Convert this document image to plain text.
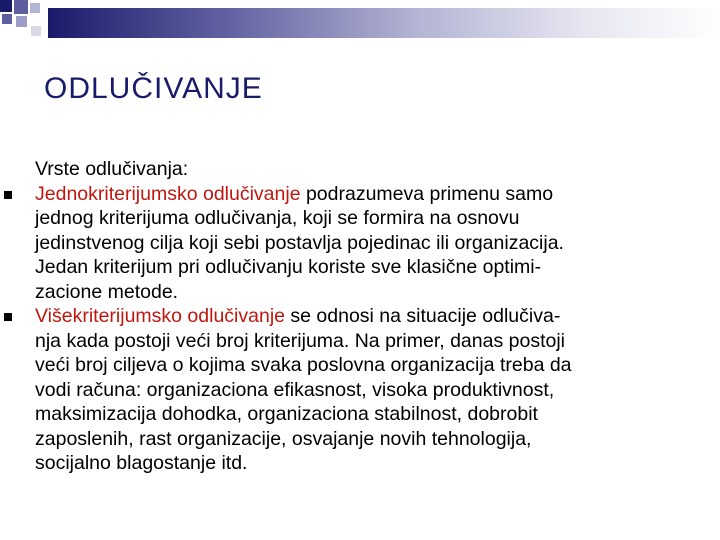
ODLUČIVANJE

Vrste odlučivanja:

Jednokriterijumsko odlučivanje podrazumeva primenu samo
jednog kriterijuma odlučivanja, koji se formira na osnovu
jedinstvenog cilja koji sebi postavlja pojedinac ili organizacija.
Jedan kriterijum pri odlučivanju koriste sve klasične optimi-
zacione metode.
Višekriterijumsko odlučivanje se odnosi na situacije odlučiva-
nja kada postoji veći broj kriterijuma. Na primer, danas postoji
veći broj ciljeva o kojima svaka poslovna organizacija treba da
vodi računa: organizaciona efikasnost, visoka produktivnost,
maksimizacija dohodka, organizaciona stabilnost, dobrobit
zaposlenih, rast organizacije, osvajanje novih tehnologija,
socijalno blagostanje itd.
